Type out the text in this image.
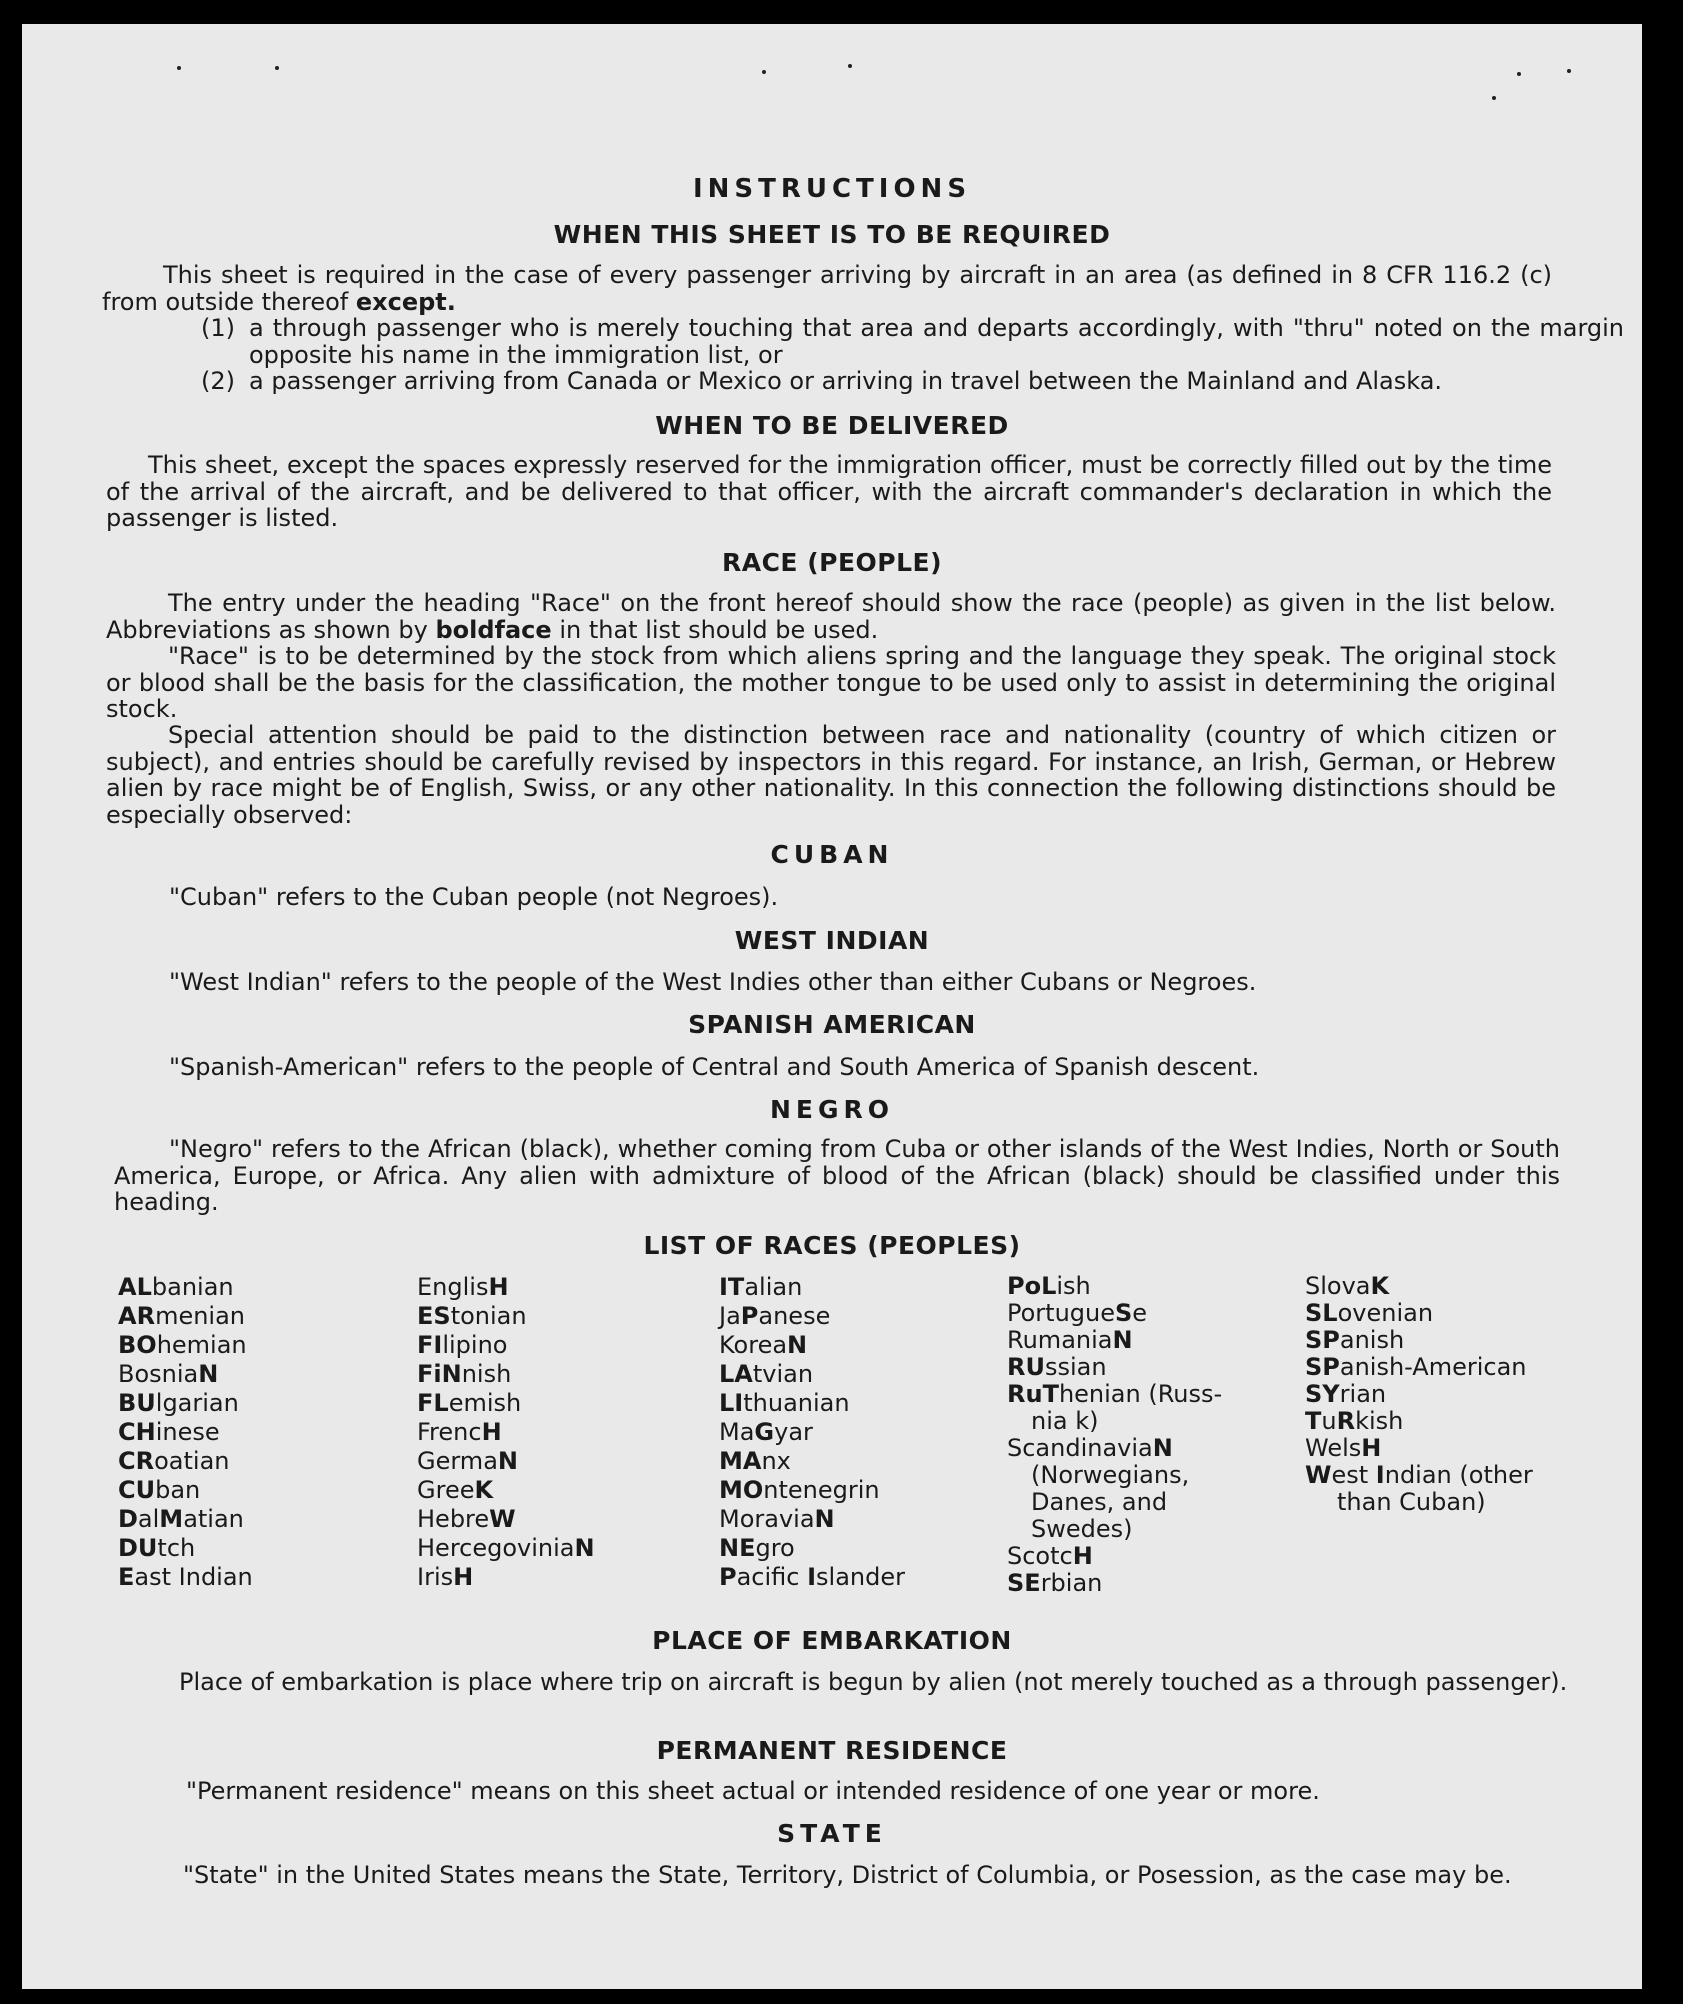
INSTRUCTIONS
WHEN THIS SHEET IS TO BE REQUIRED
This sheet is required in the case of every passenger arriving by aircraft in an area (as defined in 8 CFR 116.2 (c) from outside thereof except.
(1) a through passenger who is merely touching that area and departs accordingly, with "thru" noted on the margin opposite his name in the immigration list, or
(2) a passenger arriving from Canada or Mexico or arriving in travel between the Mainland and Alaska.
WHEN TO BE DELIVERED
This sheet, except the spaces expressly reserved for the immigration officer, must be correctly filled out by the time of the arrival of the aircraft, and be delivered to that officer, with the aircraft commander's declaration in which the passenger is listed.
RACE (PEOPLE)
The entry under the heading "Race" on the front hereof should show the race (people) as given in the list below. Abbreviations as shown by boldface in that list should be used.
"Race" is to be determined by the stock from which aliens spring and the language they speak. The original stock or blood shall be the basis for the classification, the mother tongue to be used only to assist in determining the original stock.
Special attention should be paid to the distinction between race and nationality (country of which citizen or subject), and entries should be carefully revised by inspectors in this regard. For instance, an Irish, German, or Hebrew alien by race might be of English, Swiss, or any other nationality. In this connection the following distinctions should be especially observed:
CUBAN
"Cuban" refers to the Cuban people (not Negroes).
WEST INDIAN
"West Indian" refers to the people of the West Indies other than either Cubans or Negroes.
SPANISH AMERICAN
"Spanish-American" refers to the people of Central and South America of Spanish descent.
NEGRO
"Negro" refers to the African (black), whether coming from Cuba or other islands of the West Indies, North or South America, Europe, or Africa. Any alien with admixture of blood of the African (black) should be classified under this heading.
LIST OF RACES (PEOPLES)
ALbanian
ARmenian
BOhemian
BosniaN
BUlgarian
CHinese
CRoatian
CUban
DalMatian
DUtch
East Indian
EnglisH
EStonian
FIlipino
FiNnish
FLemish
FrencH
GermaN
GreeK
HebreW
HercegoviniaN
IrisH
ITalian
JaPanese
KoreaN
LAtvian
LIthuanian
MaGyar
MAnx
MOntenegrin
MoraviaN
NEgro
Pacific Islander
PoLish
PortugueSe
RumaniaN
RUssian
RuThenian (Russ-
nia k)
ScandinaviaN
(Norwegians,
Danes, and
Swedes)
ScotcH
SErbian
SlovaK
SLovenian
SPanish
SPanish-American
SYrian
TuRkish
WelsH
West Indian (other
than Cuban)
PLACE OF EMBARKATION
Place of embarkation is place where trip on aircraft is begun by alien (not merely touched as a through passenger).
PERMANENT RESIDENCE
"Permanent residence" means on this sheet actual or intended residence of one year or more.
STATE
"State" in the United States means the State, Territory, District of Columbia, or Posession, as the case may be.
